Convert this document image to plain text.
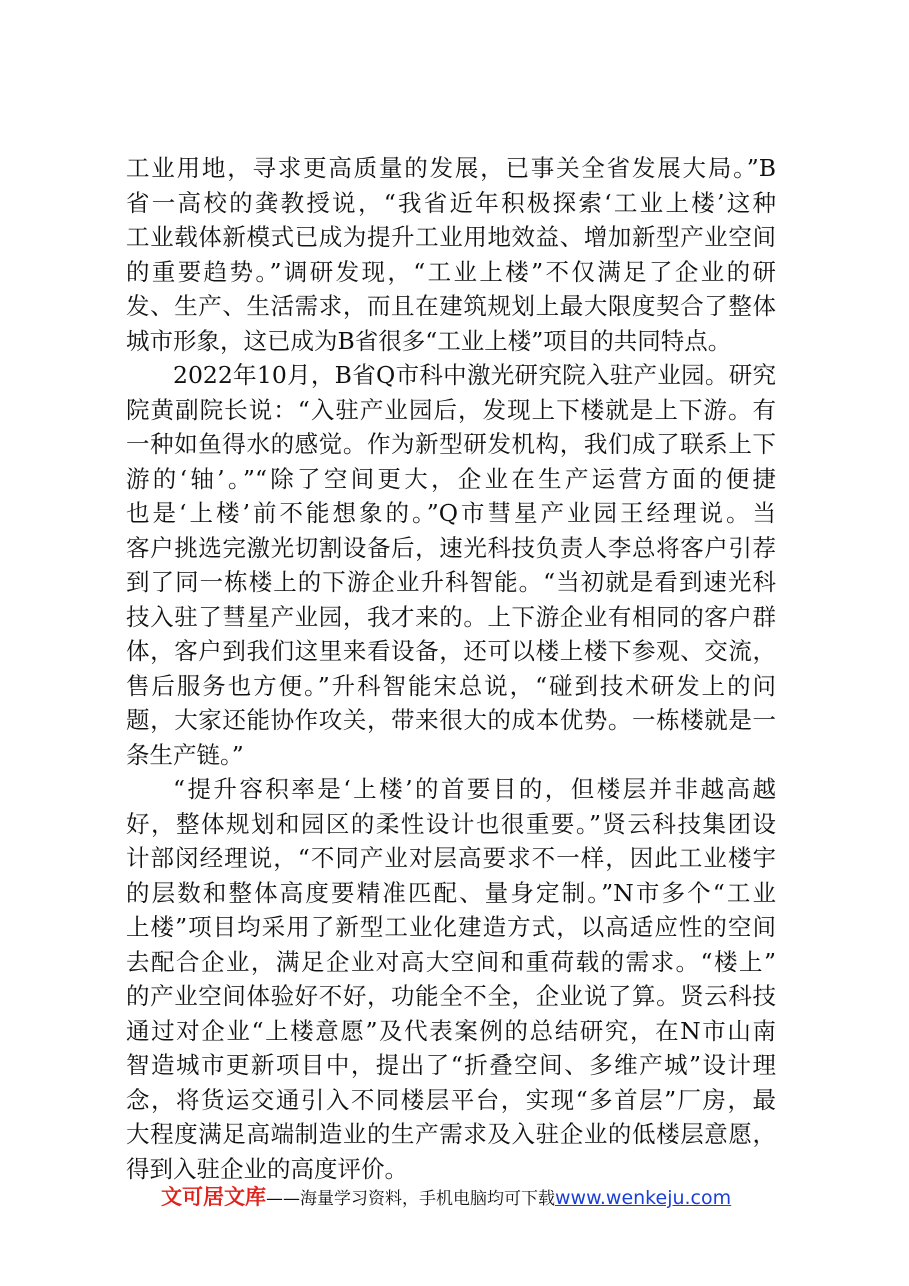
工业用地，寻求更高质量的发展，已事关全省发展大局。”B
省一高校的龚教授说，“我省近年积极探索‘工业上楼’这种
工业载体新模式已成为提升工业用地效益、增加新型产业空间
的重要趋势。”调研发现，“工业上楼”不仅满足了企业的研
发、生产、生活需求，而且在建筑规划上最大限度契合了整体
城市形象，这已成为B省很多“工业上楼”项目的共同特点。
2022年10月，B省Q市科中激光研究院入驻产业园。研究
院黄副院长说：“入驻产业园后，发现上下楼就是上下游。有
一种如鱼得水的感觉。作为新型研发机构，我们成了联系上下
游的‘轴’。”“除了空间更大，企业在生产运营方面的便捷
也是‘上楼’前不能想象的。”Q市彗星产业园王经理说。当
客户挑选完激光切割设备后，速光科技负责人李总将客户引荐
到了同一栋楼上的下游企业升科智能。“当初就是看到速光科
技入驻了彗星产业园，我才来的。上下游企业有相同的客户群
体，客户到我们这里来看设备，还可以楼上楼下参观、交流，
售后服务也方便。”升科智能宋总说，“碰到技术研发上的问
题，大家还能协作攻关，带来很大的成本优势。一栋楼就是一
条生产链。”
“提升容积率是‘上楼’的首要目的，但楼层并非越高越
好，整体规划和园区的柔性设计也很重要。”贤云科技集团设
计部闵经理说，“不同产业对层高要求不一样，因此工业楼宇
的层数和整体高度要精准匹配、量身定制。”N市多个“工业
上楼”项目均采用了新型工业化建造方式，以高适应性的空间
去配合企业，满足企业对高大空间和重荷载的需求。“楼上”
的产业空间体验好不好，功能全不全，企业说了算。贤云科技
通过对企业“上楼意愿”及代表案例的总结研究，在N市山南
智造城市更新项目中，提出了“折叠空间、多维产城”设计理
念，将货运交通引入不同楼层平台，实现“多首层”厂房，最
大程度满足高端制造业的生产需求及入驻企业的低楼层意愿，
得到入驻企业的高度评价。
文可居文库——海量学习资料，手机电脑均可下载www.wenkeju.com
